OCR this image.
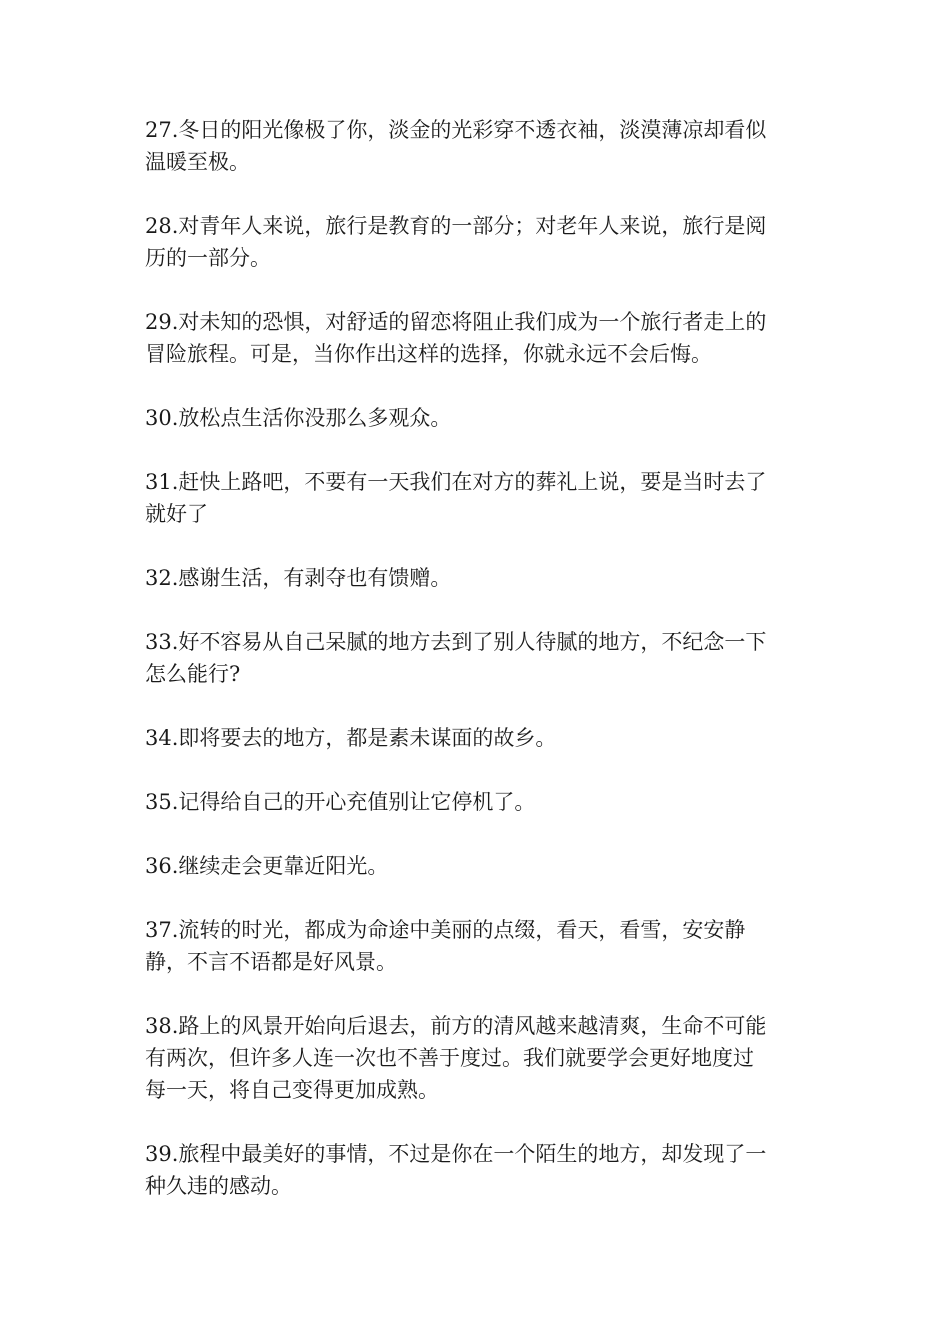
27.冬日的阳光像极了你，淡金的光彩穿不透衣袖，淡漠薄凉却看似
温暖至极。

28.对青年人来说，旅行是教育的一部分；对老年人来说，旅行是阅
历的一部分。

29.对未知的恐惧，对舒适的留恋将阻止我们成为一个旅行者走上的
冒险旅程。可是，当你作出这样的选择，你就永远不会后悔。

30.放松点生活你没那么多观众。

31.赶快上路吧，不要有一天我们在对方的葬礼上说，要是当时去了
就好了

32.感谢生活，有剥夺也有馈赠。

33.好不容易从自己呆腻的地方去到了别人待腻的地方，不纪念一下
怎么能行?

34.即将要去的地方，都是素未谋面的故乡。

35.记得给自己的开心充值别让它停机了。

36.继续走会更靠近阳光。

37.流转的时光，都成为命途中美丽的点缀，看天，看雪，安安静
静，不言不语都是好风景。

38.路上的风景开始向后退去，前方的清风越来越清爽，生命不可能
有两次，但许多人连一次也不善于度过。我们就要学会更好地度过
每一天，将自己变得更加成熟。

39.旅程中最美好的事情，不过是你在一个陌生的地方，却发现了一
种久违的感动。
